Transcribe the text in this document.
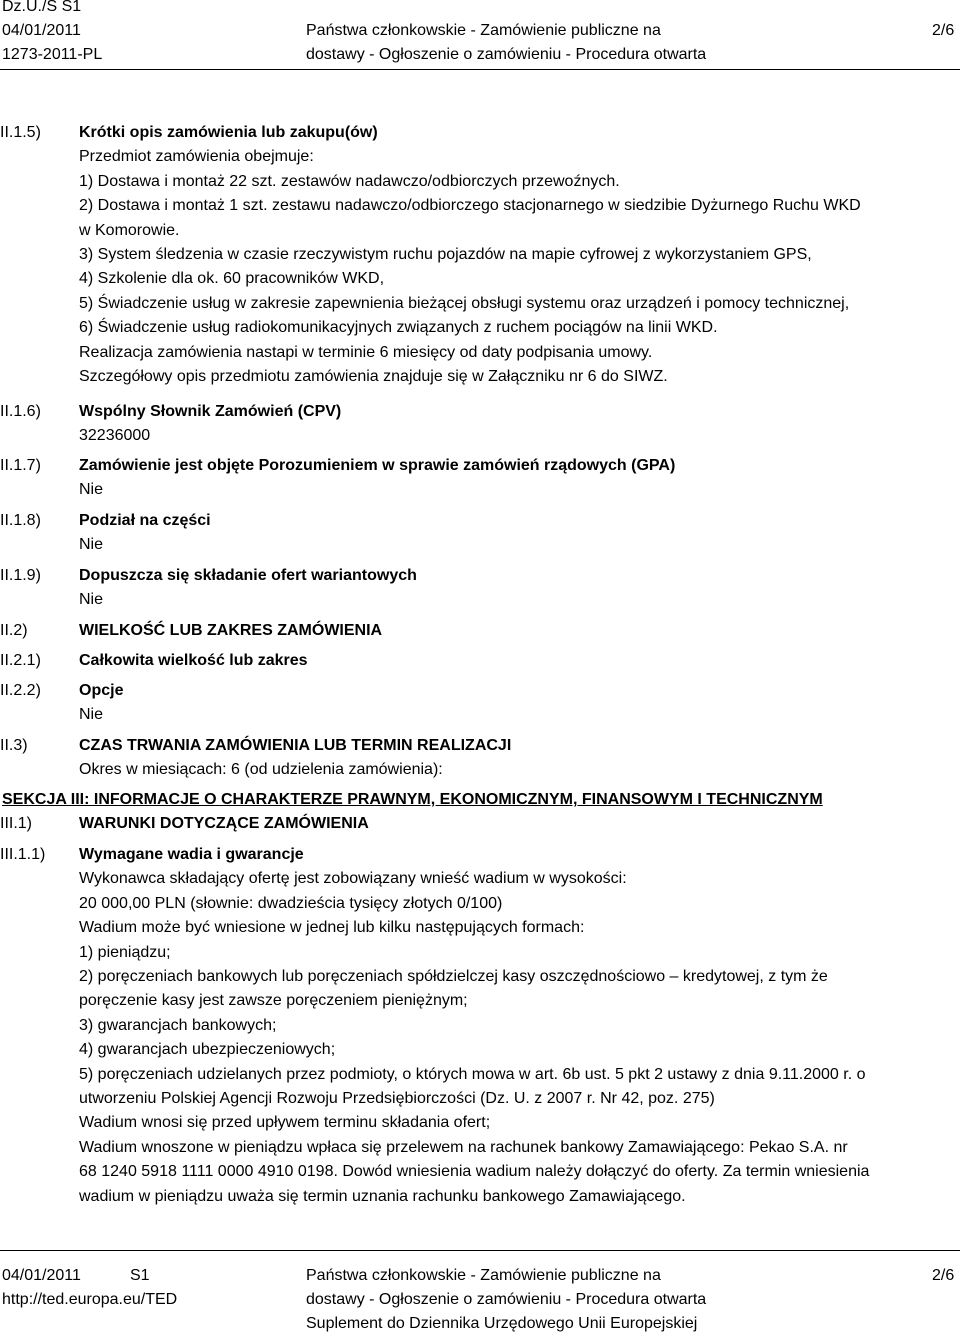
Dz.U./S S1
04/01/2011
1273-2011-PL
Państwa członkowskie - Zamówienie publiczne na
dostawy - Ogłoszenie o zamówieniu - Procedura otwarta
2/6
II.1.5)
II.1.6)
II.1.7)
II.1.8)
II.1.9)
II.2)
II.2.1)
II.2.2)
II.3)
Krótki opis zamówienia lub zakupu(ów)
Przedmiot zamówienia obejmuje:
1) Dostawa i montaż 22 szt. zestawów nadawczo/odbiorczych przewoźnych.
2) Dostawa i montaż 1 szt. zestawu nadawczo/odbiorczego stacjonarnego w siedzibie Dyżurnego Ruchu WKD
w Komorowie.
3) System śledzenia w czasie rzeczywistym ruchu pojazdów na mapie cyfrowej z wykorzystaniem GPS,
4) Szkolenie dla ok. 60 pracowników WKD,
5) Świadczenie usług w zakresie zapewnienia bieżącej obsługi systemu oraz urządzeń i pomocy technicznej,
6) Świadczenie usług radiokomunikacyjnych związanych z ruchem pociągów na linii WKD.
Realizacja zamówienia nastapi w terminie 6 miesięcy od daty podpisania umowy.
Szczegółowy opis przedmiotu zamówienia znajduje się w Załączniku nr 6 do SIWZ.
Wspólny Słownik Zamówień (CPV)
32236000
Zamówienie jest objęte Porozumieniem w sprawie zamówień rządowych (GPA)
Nie
Podział na części
Nie
Dopuszcza się składanie ofert wariantowych
Nie
WIELKOŚĆ LUB ZAKRES ZAMÓWIENIA
Całkowita wielkość lub zakres
Opcje
Nie
CZAS TRWANIA ZAMÓWIENIA LUB TERMIN REALIZACJI
Okres w miesiącach: 6 (od udzielenia zamówienia):
SEKCJA III: INFORMACJE O CHARAKTERZE PRAWNYM, EKONOMICZNYM, FINANSOWYM I TECHNICZNYM
III.1)	WARUNKI DOTYCZĄCE ZAMÓWIENIA
III.1.1) Wymagane wadia i gwarancje
Wykonawca składający ofertę jest zobowiązany wnieść wadium w wysokości:
20 000,00 PLN (słownie: dwadzieścia tysięcy złotych 0/100)
Wadium może być wniesione w jednej lub kilku następujących formach:
1) pieniądzu;
2) poręczeniach bankowych lub poręczeniach spółdzielczej kasy oszczędnościowo – kredytowej, z tym że
poręczenie kasy jest zawsze poręczeniem pieniężnym;
3) gwarancjach bankowych;
4) gwarancjach ubezpieczeniowych;
5) poręczeniach udzielanych przez podmioty, o których mowa w art. 6b ust. 5 pkt 2 ustawy z dnia 9.11.2000 r. o
utworzeniu Polskiej Agencji Rozwoju Przedsiębiorczości (Dz. U. z 2007 r. Nr 42, poz. 275)
Wadium wnosi się przed upływem terminu składania ofert;
Wadium wnoszone w pieniądzu wpłaca się przelewem na rachunek bankowy Zamawiającego: Pekao S.A. nr
68 1240 5918 1111 0000 4910 0198. Dowód wniesienia wadium należy dołączyć do oferty. Za termin wniesienia
wadium w pieniądzu uważa się termin uznania rachunku bankowego Zamawiającego.
04/01/2011	S1
http://ted.europa.eu/TED
Państwa członkowskie - Zamówienie publiczne na
dostawy - Ogłoszenie o zamówieniu - Procedura otwarta
Suplement do Dziennika Urzędowego Unii Europejskiej
2/6
